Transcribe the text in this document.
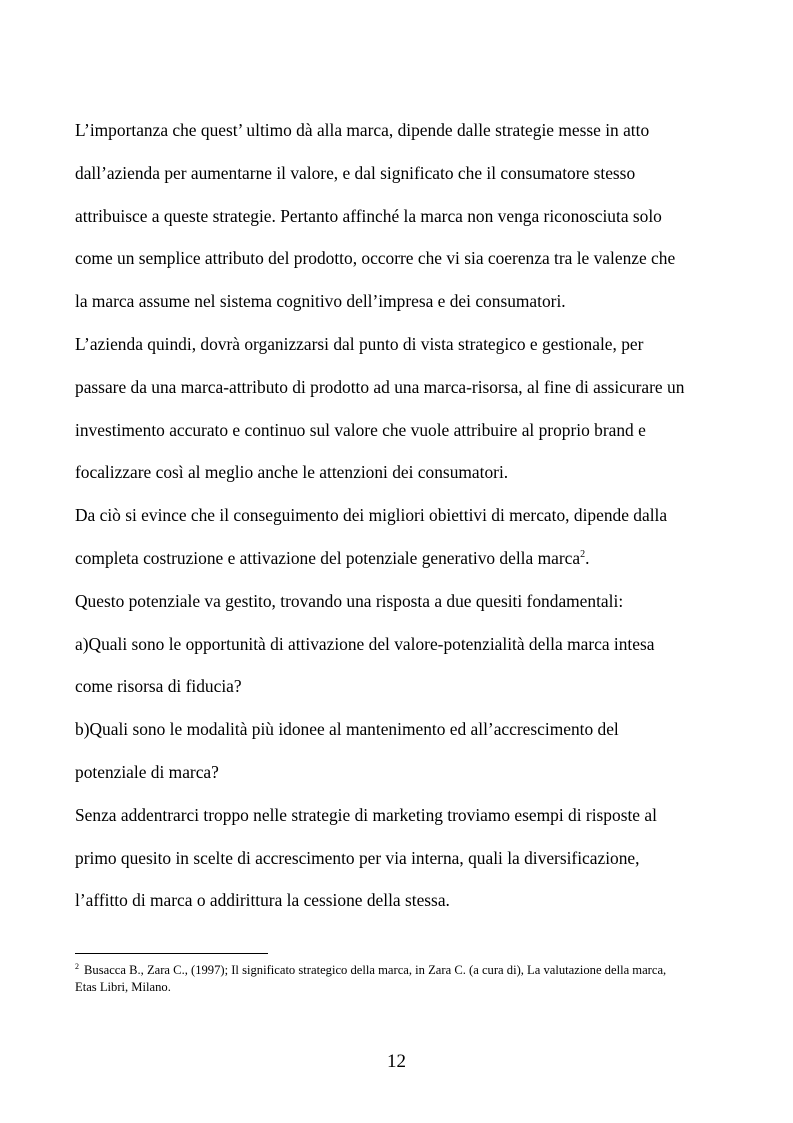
L’importanza che quest’ ultimo dà alla marca, dipende dalle strategie messe in atto
dall’azienda per aumentarne il valore, e dal significato che il consumatore stesso
attribuisce a queste strategie. Pertanto affinché la marca non venga riconosciuta solo
come un semplice attributo del prodotto, occorre che vi sia coerenza tra le valenze che
la marca assume nel sistema cognitivo dell’impresa e dei consumatori.
L’azienda quindi, dovrà organizzarsi dal punto di vista strategico e gestionale, per
passare da una marca-attributo di prodotto ad una marca-risorsa, al fine di assicurare un
investimento accurato e continuo sul valore che vuole attribuire al proprio brand e
focalizzare così al meglio anche le attenzioni dei consumatori.
Da ciò si evince che il conseguimento dei migliori obiettivi di mercato, dipende dalla
completa costruzione e attivazione del potenziale generativo della marca$^2$.
Questo potenziale va gestito, trovando una risposta a due quesiti fondamentali:
a)Quali sono le opportunità di attivazione del valore-potenzialità della marca intesa
come risorsa di fiducia?
b)Quali sono le modalità più idonee al mantenimento ed all’accrescimento del
potenziale di marca?
Senza addentrarci troppo nelle strategie di marketing troviamo esempi di risposte al
primo quesito in scelte di accrescimento per via interna, quali la diversificazione,
l’affitto di marca o addirittura la cessione della stessa.
$^2$ Busacca B., Zara C., (1997); Il significato strategico della marca, in Zara C. (a cura di), La valutazione della marca,
Etas Libri, Milano.
12
